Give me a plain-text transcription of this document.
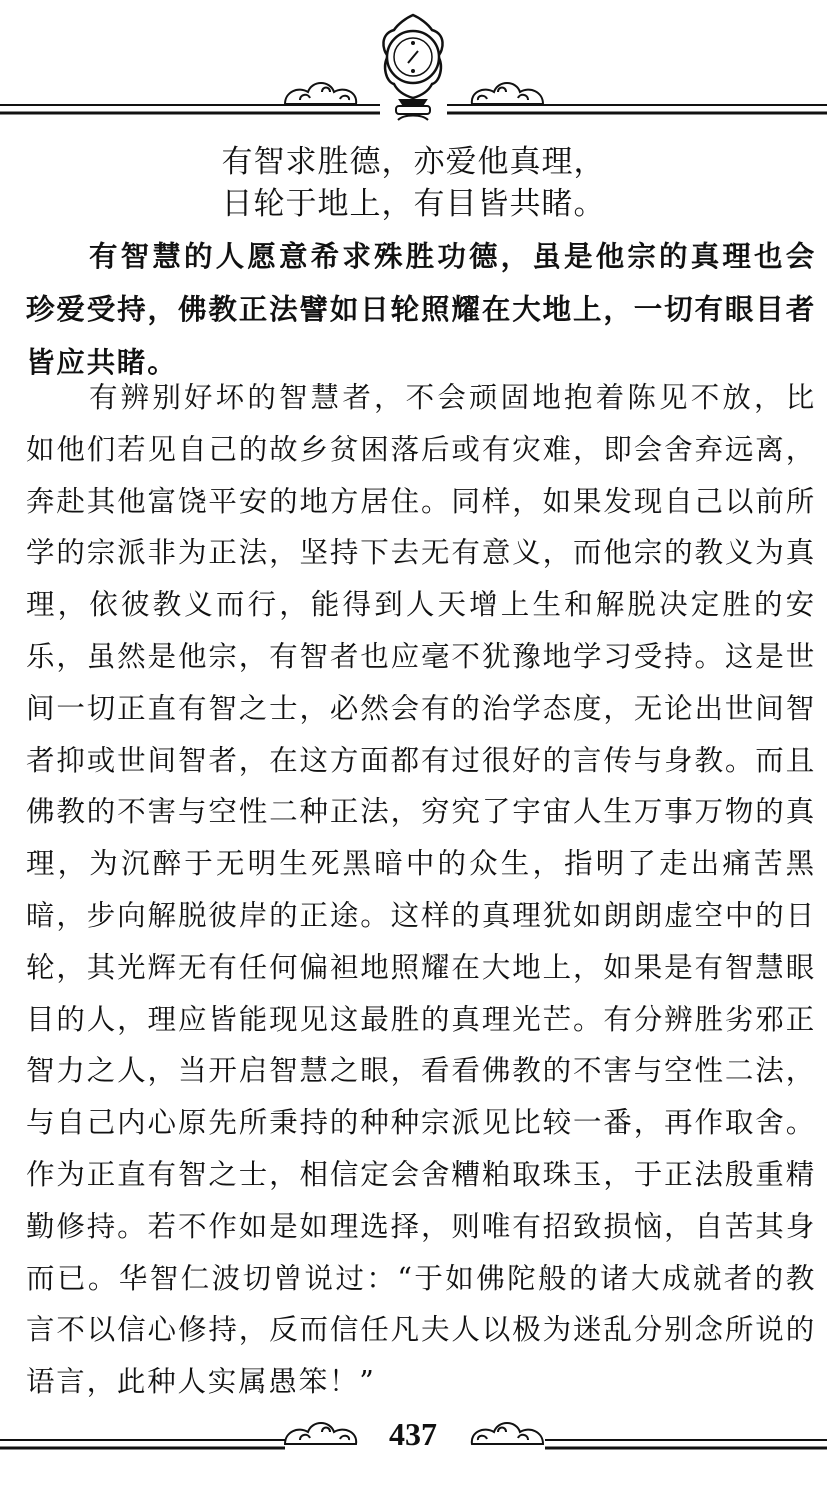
有智求胜德，亦爱他真理，
日轮于地上，有目皆共睹。

有智慧的人愿意希求殊胜功德，虽是他宗的真理也会珍爱受持，佛教正法譬如日轮照耀在大地上，一切有眼目者皆应共睹。

有辨别好坏的智慧者，不会顽固地抱着陈见不放，比如他们若见自己的故乡贫困落后或有灾难，即会舍弃远离，奔赴其他富饶平安的地方居住。同样，如果发现自己以前所学的宗派非为正法，坚持下去无有意义，而他宗的教义为真理，依彼教义而行，能得到人天增上生和解脱决定胜的安乐，虽然是他宗，有智者也应毫不犹豫地学习受持。这是世间一切正直有智之士，必然会有的治学态度，无论出世间智者抑或世间智者，在这方面都有过很好的言传与身教。而且佛教的不害与空性二种正法，穷究了宇宙人生万事万物的真理，为沉醉于无明生死黑暗中的众生，指明了走出痛苦黑暗，步向解脱彼岸的正途。这样的真理犹如朗朗虚空中的日轮，其光辉无有任何偏袒地照耀在大地上，如果是有智慧眼目的人，理应皆能现见这最胜的真理光芒。有分辨胜劣邪正智力之人，当开启智慧之眼，看看佛教的不害与空性二法，与自己内心原先所秉持的种种宗派见比较一番，再作取舍。作为正直有智之士，相信定会舍糟粕取珠玉，于正法殷重精勤修持。若不作如是如理选择，则唯有招致损恼，自苦其身而已。华智仁波切曾说过：“于如佛陀般的诸大成就者的教言不以信心修持，反而信任凡夫人以极为迷乱分别念所说的语言，此种人实属愚笨！”

437
